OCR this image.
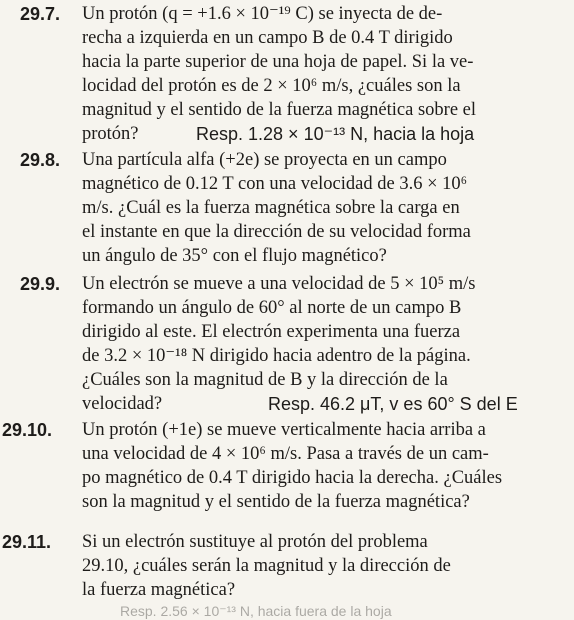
29.7. Un protón (q = +1.6 × 10⁻¹⁹ C) se inyecta de de-
recha a izquierda en un campo B de 0.4 T dirigido
hacia la parte superior de una hoja de papel. Si la ve-
locidad del protón es de 2 × 10⁶ m/s, ¿cuáles son la
magnitud y el sentido de la fuerza magnética sobre el
protón?	Resp. 1.28 × 10⁻¹³ N, hacia la hoja
29.8. Una partícula alfa (+2e) se proyecta en un campo
magnético de 0.12 T con una velocidad de 3.6 × 10⁶
m/s. ¿Cuál es la fuerza magnética sobre la carga en
el instante en que la dirección de su velocidad forma
un ángulo de 35° con el flujo magnético?
29.9. Un electrón se mueve a una velocidad de 5 × 10⁵ m/s
formando un ángulo de 60° al norte de un campo B
dirigido al este. El electrón experimenta una fuerza
de 3.2 × 10⁻¹⁸ N dirigido hacia adentro de la página.
¿Cuáles son la magnitud de B y la dirección de la
velocidad?	Resp. 46.2 μT, v es 60° S del E
29.10. Un protón (+1e) se mueve verticalmente hacia arriba a
una velocidad de 4 × 10⁶ m/s. Pasa a través de un cam-
po magnético de 0.4 T dirigido hacia la derecha. ¿Cuáles
son la magnitud y el sentido de la fuerza magnética?
29.11. Si un electrón sustituye al protón del problema
29.10, ¿cuáles serán la magnitud y la dirección de
la fuerza magnética?
Resp. 2.56 × 10⁻¹³ N, hacia fuera de la hoja
